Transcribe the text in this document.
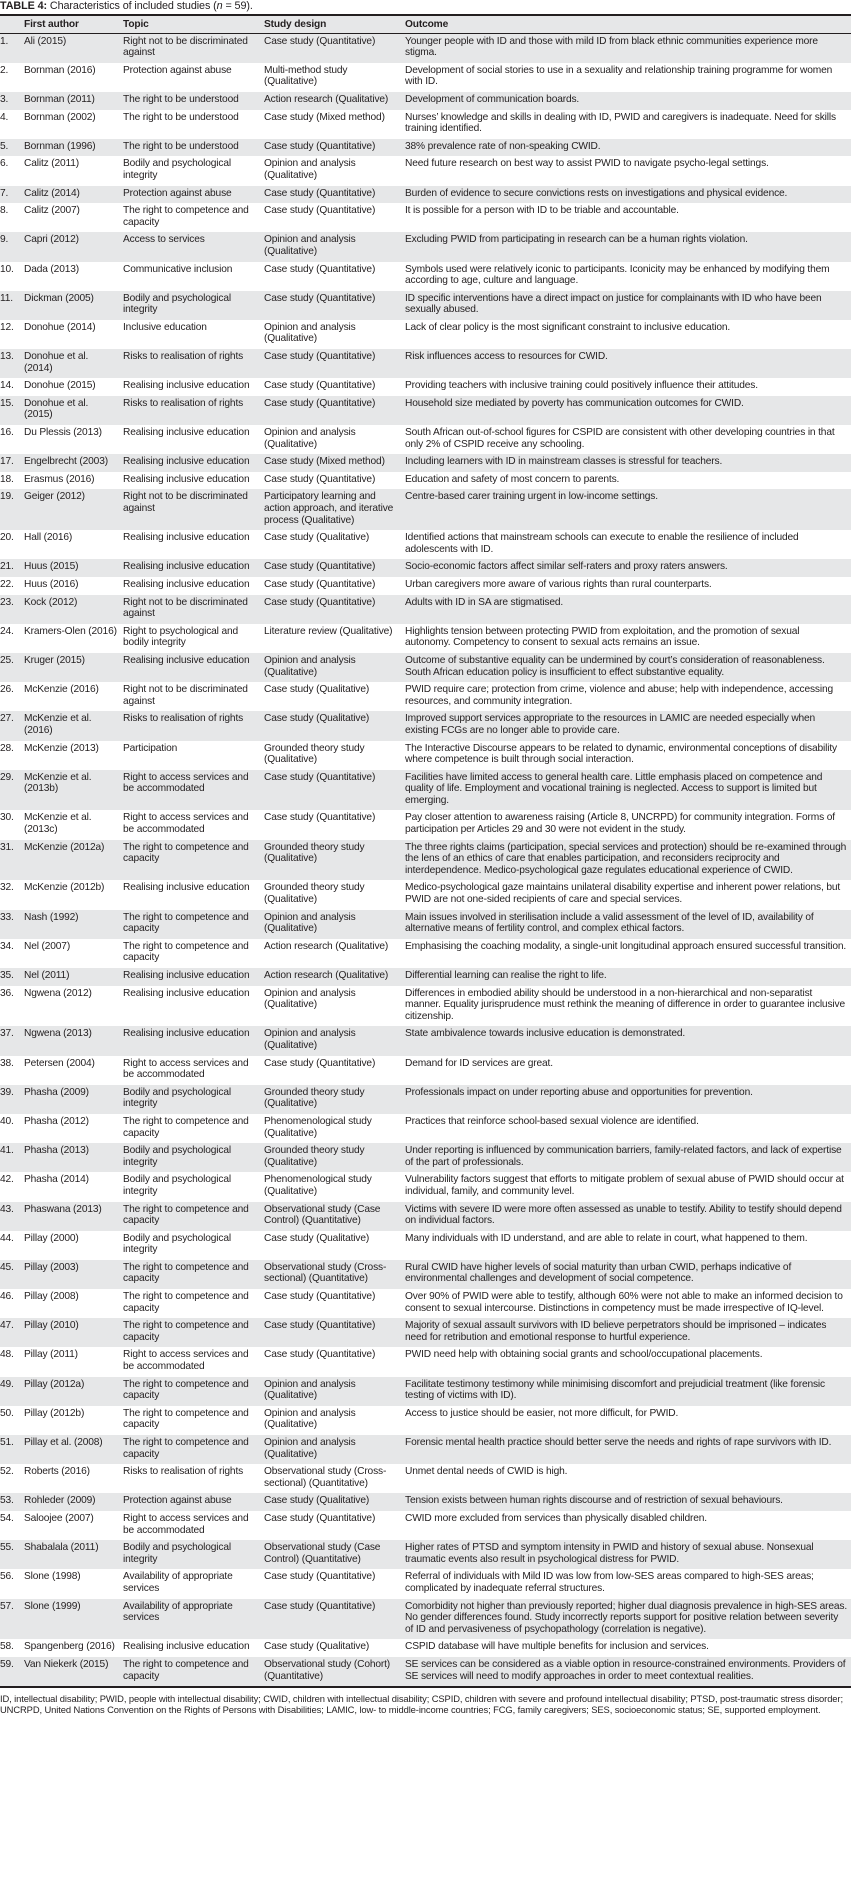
TABLE 4: Characteristics of included studies (n = 59).
	First author	Topic	Study design	Outcome
1.	Ali (2015)	Right not to be discriminated against	Case study (Quantitative)	Younger people with ID and those with mild ID from black ethnic communities experience more stigma.
2.	Bornman (2016)	Protection against abuse	Multi-method study (Qualitative)	Development of social stories to use in a sexuality and relationship training programme for women with ID.
3.	Bornman (2011)	The right to be understood	Action research (Qualitative)	Development of communication boards.
4.	Bornman (2002)	The right to be understood	Case study (Mixed method)	Nurses’ knowledge and skills in dealing with ID, PWID and caregivers is inadequate. Need for skills training identified.
5.	Bornman (1996)	The right to be understood	Case study (Quantitative)	38% prevalence rate of non-speaking CWID.
6.	Calitz (2011)	Bodily and psychological integrity	Opinion and analysis (Qualitative)	Need future research on best way to assist PWID to navigate psycho-legal settings.
7.	Calitz (2014)	Protection against abuse	Case study (Quantitative)	Burden of evidence to secure convictions rests on investigations and physical evidence.
8.	Calitz (2007)	The right to competence and capacity	Case study (Quantitative)	It is possible for a person with ID to be triable and accountable.
9.	Capri (2012)	Access to services	Opinion and analysis (Qualitative)	Excluding PWID from participating in research can be a human rights violation.
10.	Dada (2013)	Communicative inclusion	Case study (Quantitative)	Symbols used were relatively iconic to participants. Iconicity may be enhanced by modifying them according to age, culture and language.
11.	Dickman (2005)	Bodily and psychological integrity	Case study (Quantitative)	ID specific interventions have a direct impact on justice for complainants with ID who have been sexually abused.
12.	Donohue (2014)	Inclusive education	Opinion and analysis (Qualitative)	Lack of clear policy is the most significant constraint to inclusive education.
13.	Donohue et al. (2014)	Risks to realisation of rights	Case study (Quantitative)	Risk influences access to resources for CWID.
14.	Donohue (2015)	Realising inclusive education	Case study (Quantitative)	Providing teachers with inclusive training could positively influence their attitudes.
15.	Donohue et al. (2015)	Risks to realisation of rights	Case study (Quantitative)	Household size mediated by poverty has communication outcomes for CWID.
16.	Du Plessis (2013)	Realising inclusive education	Opinion and analysis (Qualitative)	South African out-of-school figures for CSPID are consistent with other developing countries in that only 2% of CSPID receive any schooling.
17.	Engelbrecht (2003)	Realising inclusive education	Case study (Mixed method)	Including learners with ID in mainstream classes is stressful for teachers.
18.	Erasmus (2016)	Realising inclusive education	Case study (Quantitative)	Education and safety of most concern to parents.
19.	Geiger (2012)	Right not to be discriminated against	Participatory learning and action approach, and iterative process (Qualitative)	Centre-based carer training urgent in low-income settings.
20.	Hall (2016)	Realising inclusive education	Case study (Qualitative)	Identified actions that mainstream schools can execute to enable the resilience of included adolescents with ID.
21.	Huus (2015)	Realising inclusive education	Case study (Quantitative)	Socio-economic factors affect similar self-raters and proxy raters answers.
22.	Huus (2016)	Realising inclusive education	Case study (Quantitative)	Urban caregivers more aware of various rights than rural counterparts.
23.	Kock (2012)	Right not to be discriminated against	Case study (Quantitative)	Adults with ID in SA are stigmatised.
24.	Kramers-Olen (2016)	Right to psychological and bodily integrity	Literature review (Qualitative)	Highlights tension between protecting PWID from exploitation, and the promotion of sexual autonomy. Competency to consent to sexual acts remains an issue.
25.	Kruger (2015)	Realising inclusive education	Opinion and analysis (Qualitative)	Outcome of substantive equality can be undermined by court’s consideration of reasonableness. South African education policy is insufficient to effect substantive equality.
26.	McKenzie (2016)	Right not to be discriminated against	Case study (Qualitative)	PWID require care; protection from crime, violence and abuse; help with independence, accessing resources, and community integration.
27.	McKenzie et al. (2016)	Risks to realisation of rights	Case study (Qualitative)	Improved support services appropriate to the resources in LAMIC are needed especially when existing FCGs are no longer able to provide care.
28.	McKenzie (2013)	Participation	Grounded theory study (Qualitative)	The Interactive Discourse appears to be related to dynamic, environmental conceptions of disability where competence is built through social interaction.
29.	McKenzie et al. (2013b)	Right to access services and be accommodated	Case study (Quantitative)	Facilities have limited access to general health care. Little emphasis placed on competence and quality of life. Employment and vocational training is neglected. Access to support is limited but emerging.
30.	McKenzie et al. (2013c)	Right to access services and be accommodated	Case study (Quantitative)	Pay closer attention to awareness raising (Article 8, UNCRPD) for community integration. Forms of participation per Articles 29 and 30 were not evident in the study.
31.	McKenzie (2012a)	The right to competence and capacity	Grounded theory study (Qualitative)	The three rights claims (participation, special services and protection) should be re-examined through the lens of an ethics of care that enables participation, and reconsiders reciprocity and interdependence. Medico-psychological gaze regulates educational experience of CWID.
32.	McKenzie (2012b)	Realising inclusive education	Grounded theory study (Qualitative)	Medico-psychological gaze maintains unilateral disability expertise and inherent power relations, but PWID are not one-sided recipients of care and special services.
33.	Nash (1992)	The right to competence and capacity	Opinion and analysis (Qualitative)	Main issues involved in sterilisation include a valid assessment of the level of ID, availability of alternative means of fertility control, and complex ethical factors.
34.	Nel (2007)	The right to competence and capacity	Action research (Qualitative)	Emphasising the coaching modality, a single-unit longitudinal approach ensured successful transition.
35.	Nel (2011)	Realising inclusive education	Action research (Qualitative)	Differential learning can realise the right to life.
36.	Ngwena (2012)	Realising inclusive education	Opinion and analysis (Qualitative)	Differences in embodied ability should be understood in a non-hierarchical and non-separatist manner. Equality jurisprudence must rethink the meaning of difference in order to guarantee inclusive citizenship.
37.	Ngwena (2013)	Realising inclusive education	Opinion and analysis (Qualitative)	State ambivalence towards inclusive education is demonstrated.
38.	Petersen (2004)	Right to access services and be accommodated	Case study (Quantitative)	Demand for ID services are great.
39.	Phasha (2009)	Bodily and psychological integrity	Grounded theory study (Qualitative)	Professionals impact on under reporting abuse and opportunities for prevention.
40.	Phasha (2012)	The right to competence and capacity	Phenomenological study (Qualitative)	Practices that reinforce school-based sexual violence are identified.
41.	Phasha (2013)	Bodily and psychological integrity	Grounded theory study (Qualitative)	Under reporting is influenced by communication barriers, family-related factors, and lack of expertise of the part of professionals.
42.	Phasha (2014)	Bodily and psychological integrity	Phenomenological study (Qualitative)	Vulnerability factors suggest that efforts to mitigate problem of sexual abuse of PWID should occur at individual, family, and community level.
43.	Phaswana (2013)	The right to competence and capacity	Observational study (Case Control) (Quantitative)	Victims with severe ID were more often assessed as unable to testify. Ability to testify should depend on individual factors.
44.	Pillay (2000)	Bodily and psychological integrity	Case study (Qualitative)	Many individuals with ID understand, and are able to relate in court, what happened to them.
45.	Pillay (2003)	The right to competence and capacity	Observational study (Cross-sectional) (Quantitative)	Rural CWID have higher levels of social maturity than urban CWID, perhaps indicative of environmental challenges and development of social competence.
46.	Pillay (2008)	The right to competence and capacity	Case study (Quantitative)	Over 90% of PWID were able to testify, although 60% were not able to make an informed decision to consent to sexual intercourse. Distinctions in competency must be made irrespective of IQ-level.
47.	Pillay (2010)	The right to competence and capacity	Case study (Quantitative)	Majority of sexual assault survivors with ID believe perpetrators should be imprisoned – indicates need for retribution and emotional response to hurtful experience.
48.	Pillay (2011)	Right to access services and be accommodated	Case study (Quantitative)	PWID need help with obtaining social grants and school/occupational placements.
49.	Pillay (2012a)	The right to competence and capacity	Opinion and analysis (Qualitative)	Facilitate testimony testimony while minimising discomfort and prejudicial treatment (like forensic testing of victims with ID).
50.	Pillay (2012b)	The right to competence and capacity	Opinion and analysis (Qualitative)	Access to justice should be easier, not more difficult, for PWID.
51.	Pillay et al. (2008)	The right to competence and capacity	Opinion and analysis (Qualitative)	Forensic mental health practice should better serve the needs and rights of rape survivors with ID.
52.	Roberts (2016)	Risks to realisation of rights	Observational study (Cross-sectional) (Quantitative)	Unmet dental needs of CWID is high.
53.	Rohleder (2009)	Protection against abuse	Case study (Qualitative)	Tension exists between human rights discourse and of restriction of sexual behaviours.
54.	Saloojee (2007)	Right to access services and be accommodated	Case study (Quantitative)	CWID more excluded from services than physically disabled children.
55.	Shabalala (2011)	Bodily and psychological integrity	Observational study (Case Control) (Quantitative)	Higher rates of PTSD and symptom intensity in PWID and history of sexual abuse. Nonsexual traumatic events also result in psychological distress for PWID.
56.	Slone (1998)	Availability of appropriate services	Case study (Quantitative)	Referral of individuals with Mild ID was low from low-SES areas compared to high-SES areas; complicated by inadequate referral structures.
57.	Slone (1999)	Availability of appropriate services	Case study (Quantitative)	Comorbidity not higher than previously reported; higher dual diagnosis prevalence in high-SES areas. No gender differences found. Study incorrectly reports support for positive relation between severity of ID and pervasiveness of psychopathology (correlation is negative).
58.	Spangenberg (2016)	Realising inclusive education	Case study (Qualitative)	CSPID database will have multiple benefits for inclusion and services.
59.	Van Niekerk (2015)	The right to competence and capacity	Observational study (Cohort) (Quantitative)	SE services can be considered as a viable option in resource-constrained environments. Providers of SE services will need to modify approaches in order to meet contextual realities.
ID, intellectual disability; PWID, people with intellectual disability; CWID, children with intellectual disability; CSPID, children with severe and profound intellectual disability; PTSD, post-traumatic stress disorder; UNCRPD, United Nations Convention on the Rights of Persons with Disabilities; LAMIC, low- to middle-income countries; FCG, family caregivers; SES, socioeconomic status; SE, supported employment.
